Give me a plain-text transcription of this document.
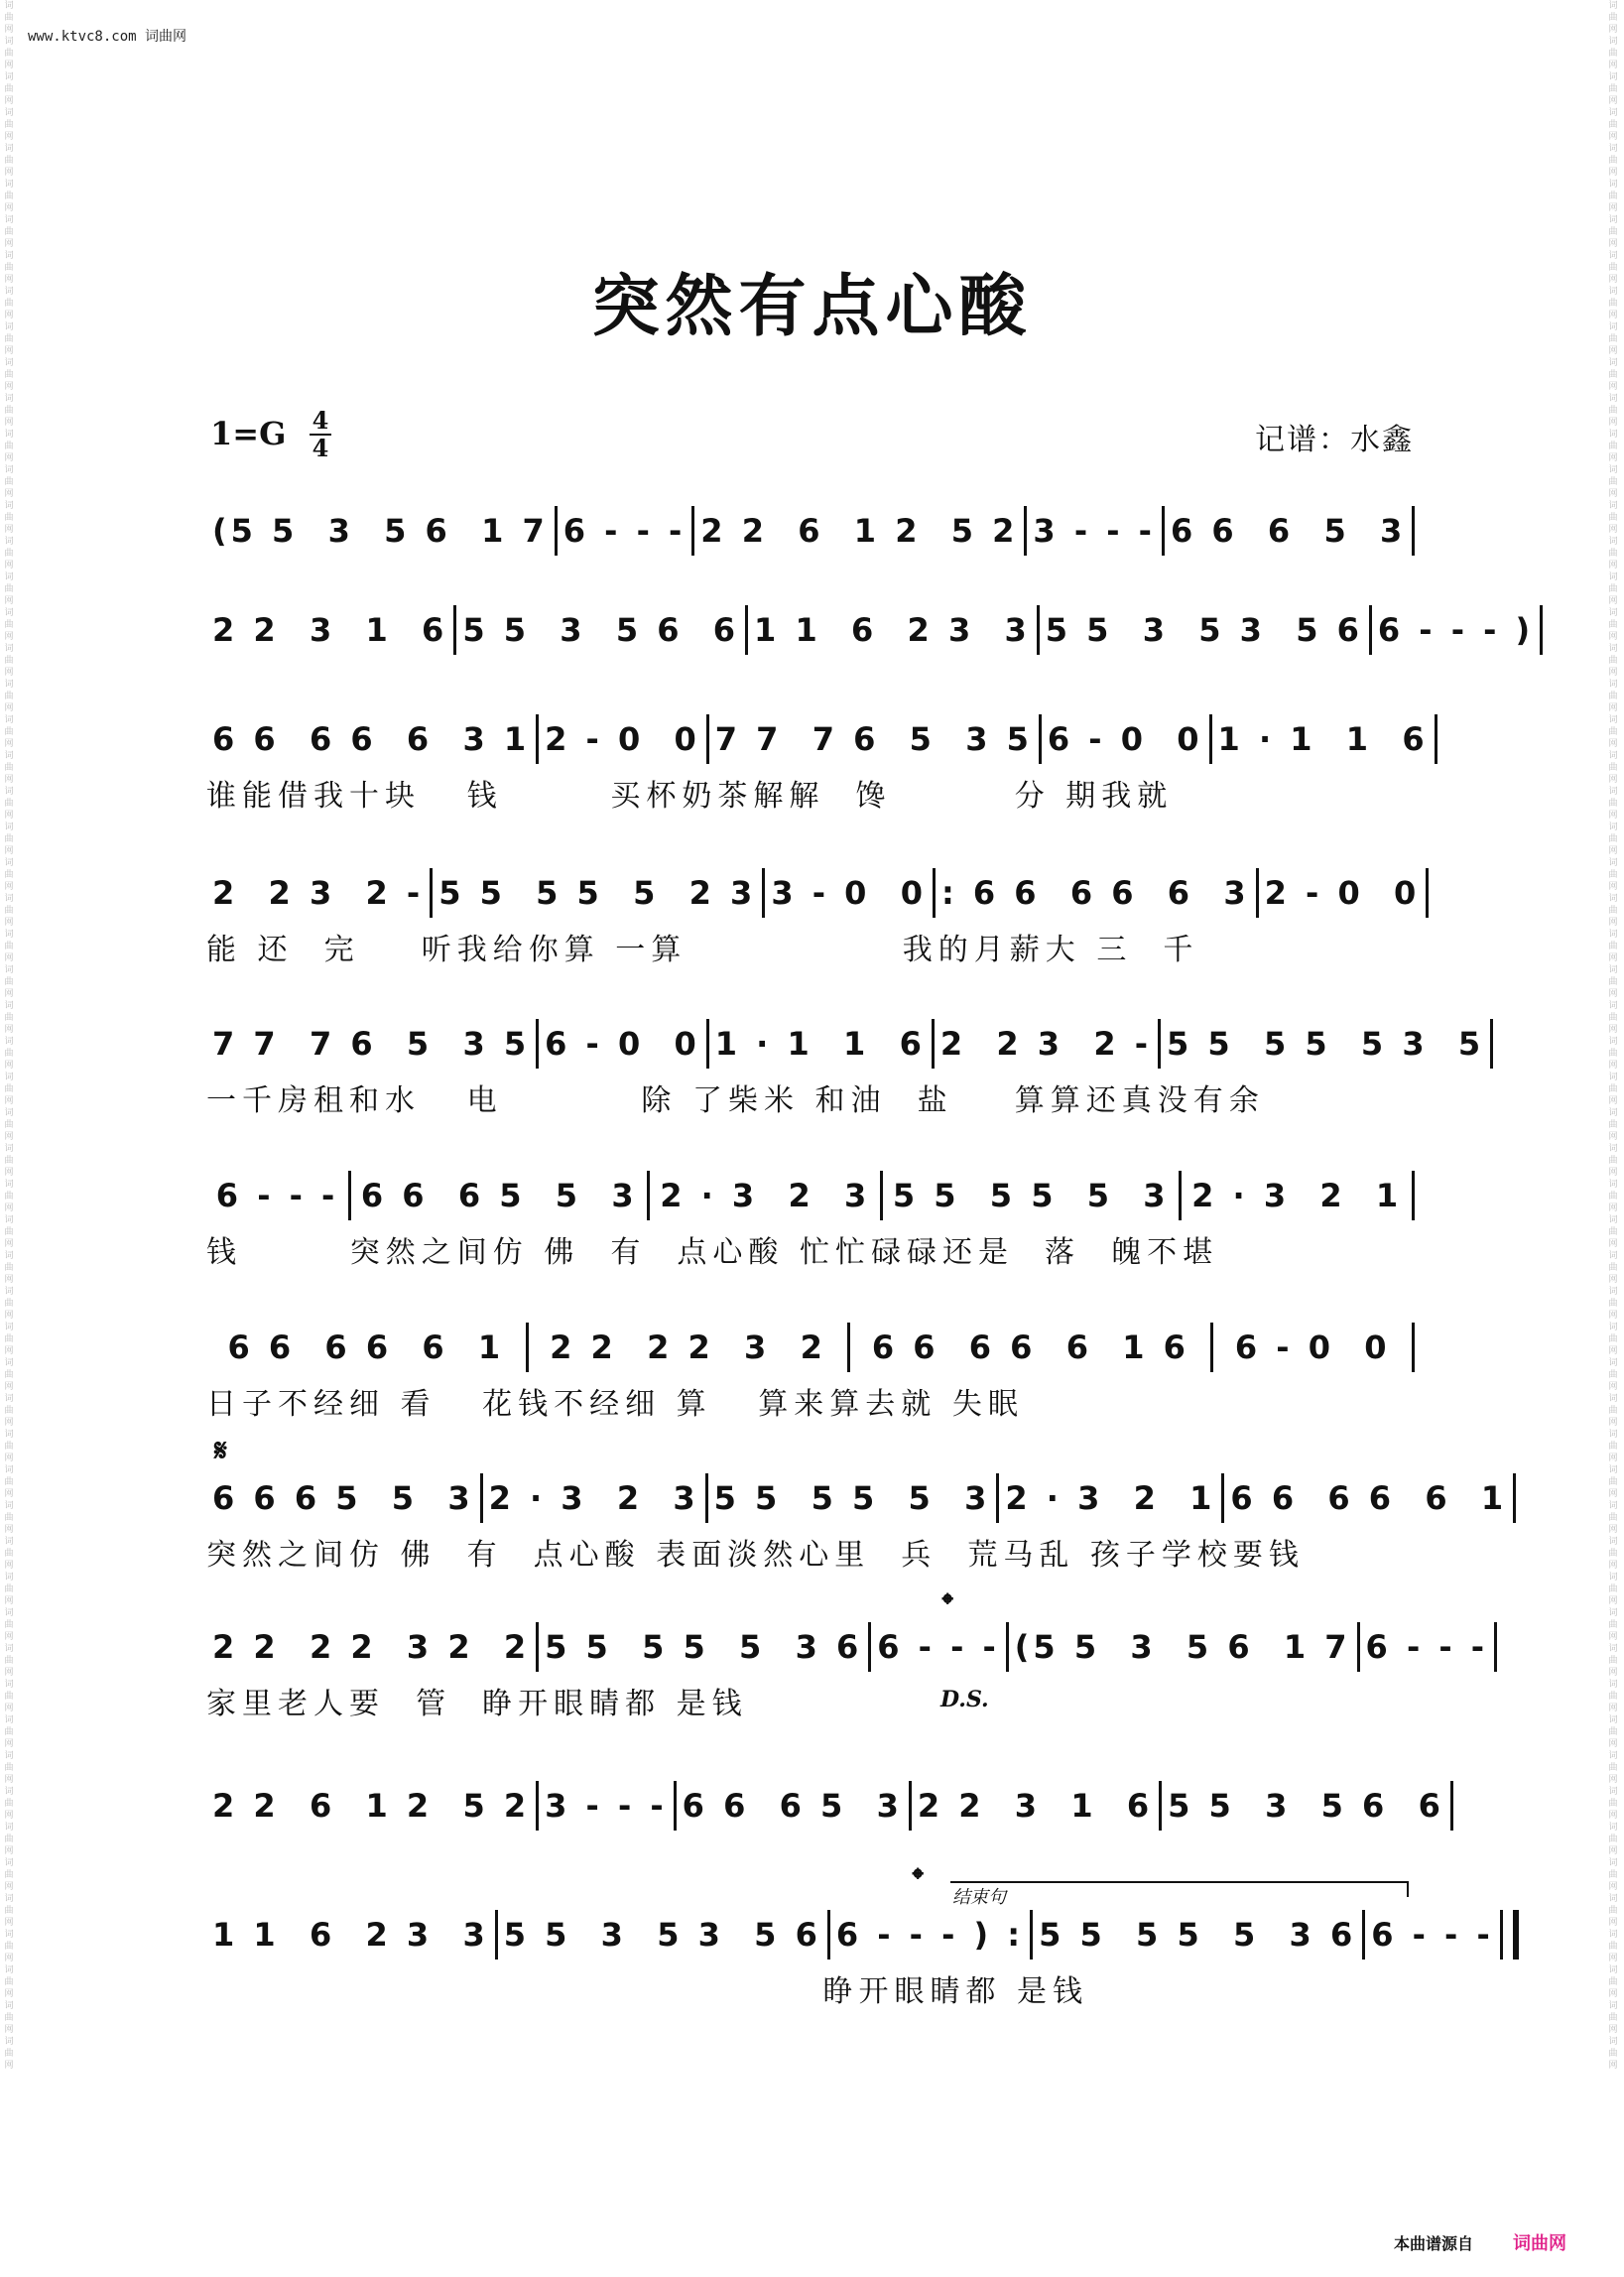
www.ktvc8.com 词曲网
词曲网词曲网词曲网词曲网词曲网词曲网词曲网词曲网词曲网词曲网词曲网词曲网词曲网词曲网词曲网词曲网词曲网词曲网词曲网词曲网词曲网词曲网词曲网词曲网词曲网词曲网词曲网词曲网词曲网词曲网词曲网词曲网词曲网词曲网词曲网词曲网词曲网词曲网词曲网词曲网词曲网词曲网词曲网词曲网词曲网词曲网词曲网词曲网词曲网词曲网词曲网词曲网词曲网词曲网词曲网词曲网词曲网词曲网
词曲网词曲网词曲网词曲网词曲网词曲网词曲网词曲网词曲网词曲网词曲网词曲网词曲网词曲网词曲网词曲网词曲网词曲网词曲网词曲网词曲网词曲网词曲网词曲网词曲网词曲网词曲网词曲网词曲网词曲网词曲网词曲网词曲网词曲网词曲网词曲网词曲网词曲网词曲网词曲网词曲网词曲网词曲网词曲网词曲网词曲网词曲网词曲网词曲网词曲网词曲网词曲网词曲网词曲网词曲网词曲网词曲网词曲网
突然有点心酸
1=G 4
4	记谱：水鑫
(5 5  3  5 6  1 7 6 - - - 2 2  6  1 2  5 2 3 - - - 6 6  6  5  3
2 2  3  1  6 5 5  3  5 6  6 1 1  6  2 3  3 5 5  3  5 3  5 6 6 - - - )
6 6  6 6  6  3 1 2 - 0  0 7 7  7 6  5  3 5 6 - 0  0 1 · 1  1  6
谁能借我十块   钱       买杯奶茶解解  馋        分 期我就
2  2 3  2 - 5 5  5 5  5  2 3 3 - 0  0 : 6 6  6 6  6  3 2 - 0  0
能 还  完    听我给你算 一算              我的月薪大 三  千
7 7  7 6  5  3 5 6 - 0  0 1 · 1  1  6 2  2 3  2 - 5 5  5 5  5 3  5
一千房租和水   电         除 了柴米 和油  盐    算算还真没有余
6 - - - 6 6  6 5  5  3 2 · 3  2  3 5 5  5 5  5  3 2 · 3  2  1
钱       突然之间仿 佛  有  点心酸 忙忙碌碌还是  落  魄不堪
6 6  6 6  6  1	2 2  2 2  3  2	6 6  6 6  6  1 6	6 - 0  0
日子不经细 看   花钱不经细 算   算来算去就 失眠
6 6 6 5  5  3 2 · 3  2  3 5 5  5 5  5  3 2 · 3  2  1 6 6  6 6  6  1
突然之间仿 佛  有  点心酸 表面淡然心里  兵  荒马乱 孩子学校要钱
2 2  2 2  3 2  2 5 5  5 5  5  3 6 6 - - - (5 5  3  5 6  1 7 6 - - -
家里老人要  管  睁开眼睛都 是钱
2 2  6  1 2  5 2 3 - - - 6 6  6 5  3 2 2  3  1  6 5 5  3  5 6  6
1 1  6  2 3  3 5 5  3  5 3  5 6 6 - - - ) : 5 5  5 5  5  3 6 6 - - -
睁开眼睛都 是钱
𝄋
𝄌
D.S.
𝄌
结束句
本曲谱源自 词曲网
